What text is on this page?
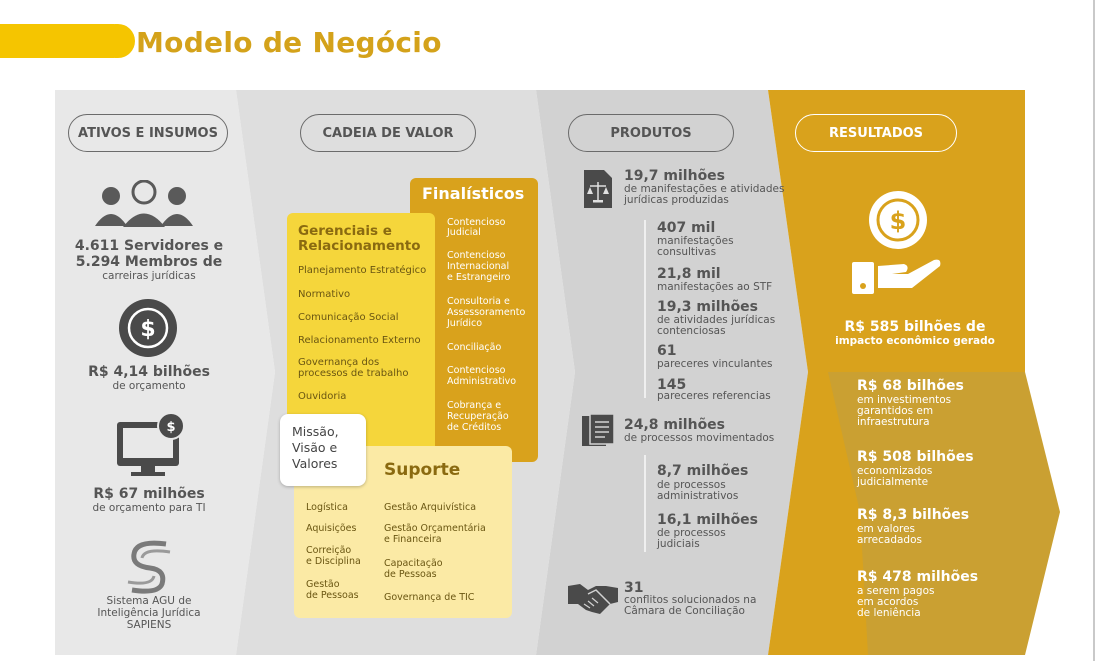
Modelo de Negócio
ATIVOS E INSUMOS	CADEIA DE VALOR	PRODUTOS	RESULTADOS
4.611 Servidores e
5.294 Membros de
carreiras jurídicas
$
R$ 4,14 bilhões
de orçamento
$
R$ 67 milhões
de orçamento para TI
Sistema AGU de
Inteligência Jurídica
SAPIENS
Gerenciais e
Relacionamento
Planejamento Estratégico
Normativo
Comunicação Social
Relacionamento Externo
Governança dos
processos de trabalho
Ouvidoria
Finalísticos
Contencioso
Judicial
Contencioso
Internacional
e Estrangeiro
Consultoria e
Assessoramento
Jurídico
Conciliação
Contencioso
Administrativo
Cobrança e
Recuperação
de Créditos
Missão,
Visão e
Valores	Suporte
Logística
Aquisições
Correição
e Disciplina
Gestão
de Pessoas
Gestão Arquivística
Gestão Orçamentária
e Financeira
Capacitação
de Pessoas
Governança de TIC
19,7 milhões
de manifestações e atividades
jurídicas produzidas
407 mil
manifestações
consultivas
21,8 mil
manifestações ao STF
19,3 milhões
de atividades jurídicas
contenciosas
61
pareceres vinculantes
145
pareceres referencias
24,8 milhões
de processos movimentados
8,7 milhões
de processos
administrativos
16,1 milhões
de processos
judiciais
31
conflitos solucionados na
Câmara de Conciliação
$
R$ 585 bilhões de
impacto econômico gerado
R$ 68 bilhões
em investimentos
garantidos em
infraestrutura
R$ 508 bilhões
economizados
judicialmente
R$ 8,3 bilhões
em valores
arrecadados
R$ 478 milhões
a serem pagos
em acordos
de leniência
